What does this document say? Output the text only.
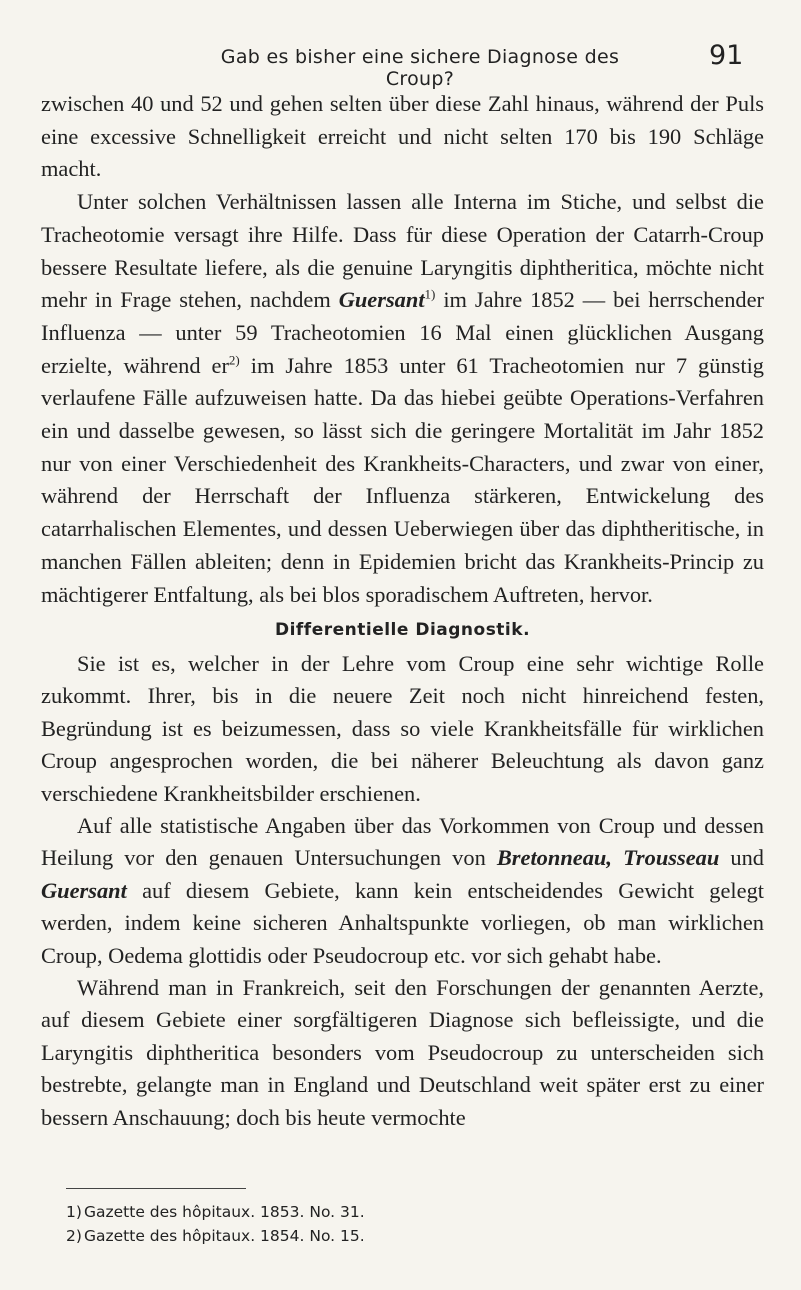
Gab es bisher eine sichere Diagnose des Croup?
91

zwischen 40 und 52 und gehen selten über diese Zahl hinaus, während der Puls eine excessive Schnelligkeit erreicht und nicht selten 170 bis 190 Schläge macht.

Unter solchen Verhältnissen lassen alle Interna im Stiche, und selbst die Tracheotomie versagt ihre Hilfe. Dass für diese Operation der Catarrh-Croup bessere Resultate liefere, als die genuine Laryngitis diphtheritica, möchte nicht mehr in Frage stehen, nachdem Guersant$^{1)}$ im Jahre 1852 — bei herrschender Influenza — unter 59 Tracheotomien 16 Mal einen glücklichen Ausgang erzielte, während $er^{2)}$ im Jahre 1853 unter 61 Tracheotomien nur 7 günstig verlaufene Fälle aufzuweisen hatte. Da das hiebei geübte Operations-Verfahren ein und dasselbe gewesen, so lässt sich die geringere Mortalität im Jahr 1852 nur von einer Verschiedenheit des Krankheits-Characters, und zwar von einer, während der Herrschaft der Influenza stärkeren, Entwickelung des catarrhalischen Elementes, und dessen Ueberwiegen über das diphtheritische, in manchen Fällen ableiten; denn in Epidemien bricht das Krankheits-Princip zu mächtigerer Entfaltung, als bei blos sporadischem Auftreten, hervor.

Differentielle Diagnostik.

Sie ist es, welcher in der Lehre vom Croup eine sehr wichtige Rolle zukommt. Ihrer, bis in die neuere Zeit noch nicht hinreichend festen, Begründung ist es beizumessen, dass so viele Krankheitsfälle für wirklichen Croup angesprochen worden, die bei näherer Beleuchtung als davon ganz verschiedene Krankheitsbilder erschienen.

Auf alle statistische Angaben über das Vorkommen von Croup und dessen Heilung vor den genauen Untersuchungen von Bretonneau, Trousseau und Guersant auf diesem Gebiete, kann kein entscheidendes Gewicht gelegt werden, indem keine sicheren Anhaltspunkte vorliegen, ob man wirklichen Croup, Oedema glottidis oder Pseudocroup etc. vor sich gehabt habe.

Während man in Frankreich, seit den Forschungen der genannten Aerzte, auf diesem Gebiete einer sorgfältigeren Diagnose sich befleissigte, und die Laryngitis diphtheritica besonders vom Pseudocroup zu unterscheiden sich bestrebte, gelangte man in England und Deutschland weit später erst zu einer bessern Anschauung; doch bis heute vermochte

1) Gazette des hôpitaux. 1853. No. 31.
2) Gazette des hôpitaux. 1854. No. 15.
